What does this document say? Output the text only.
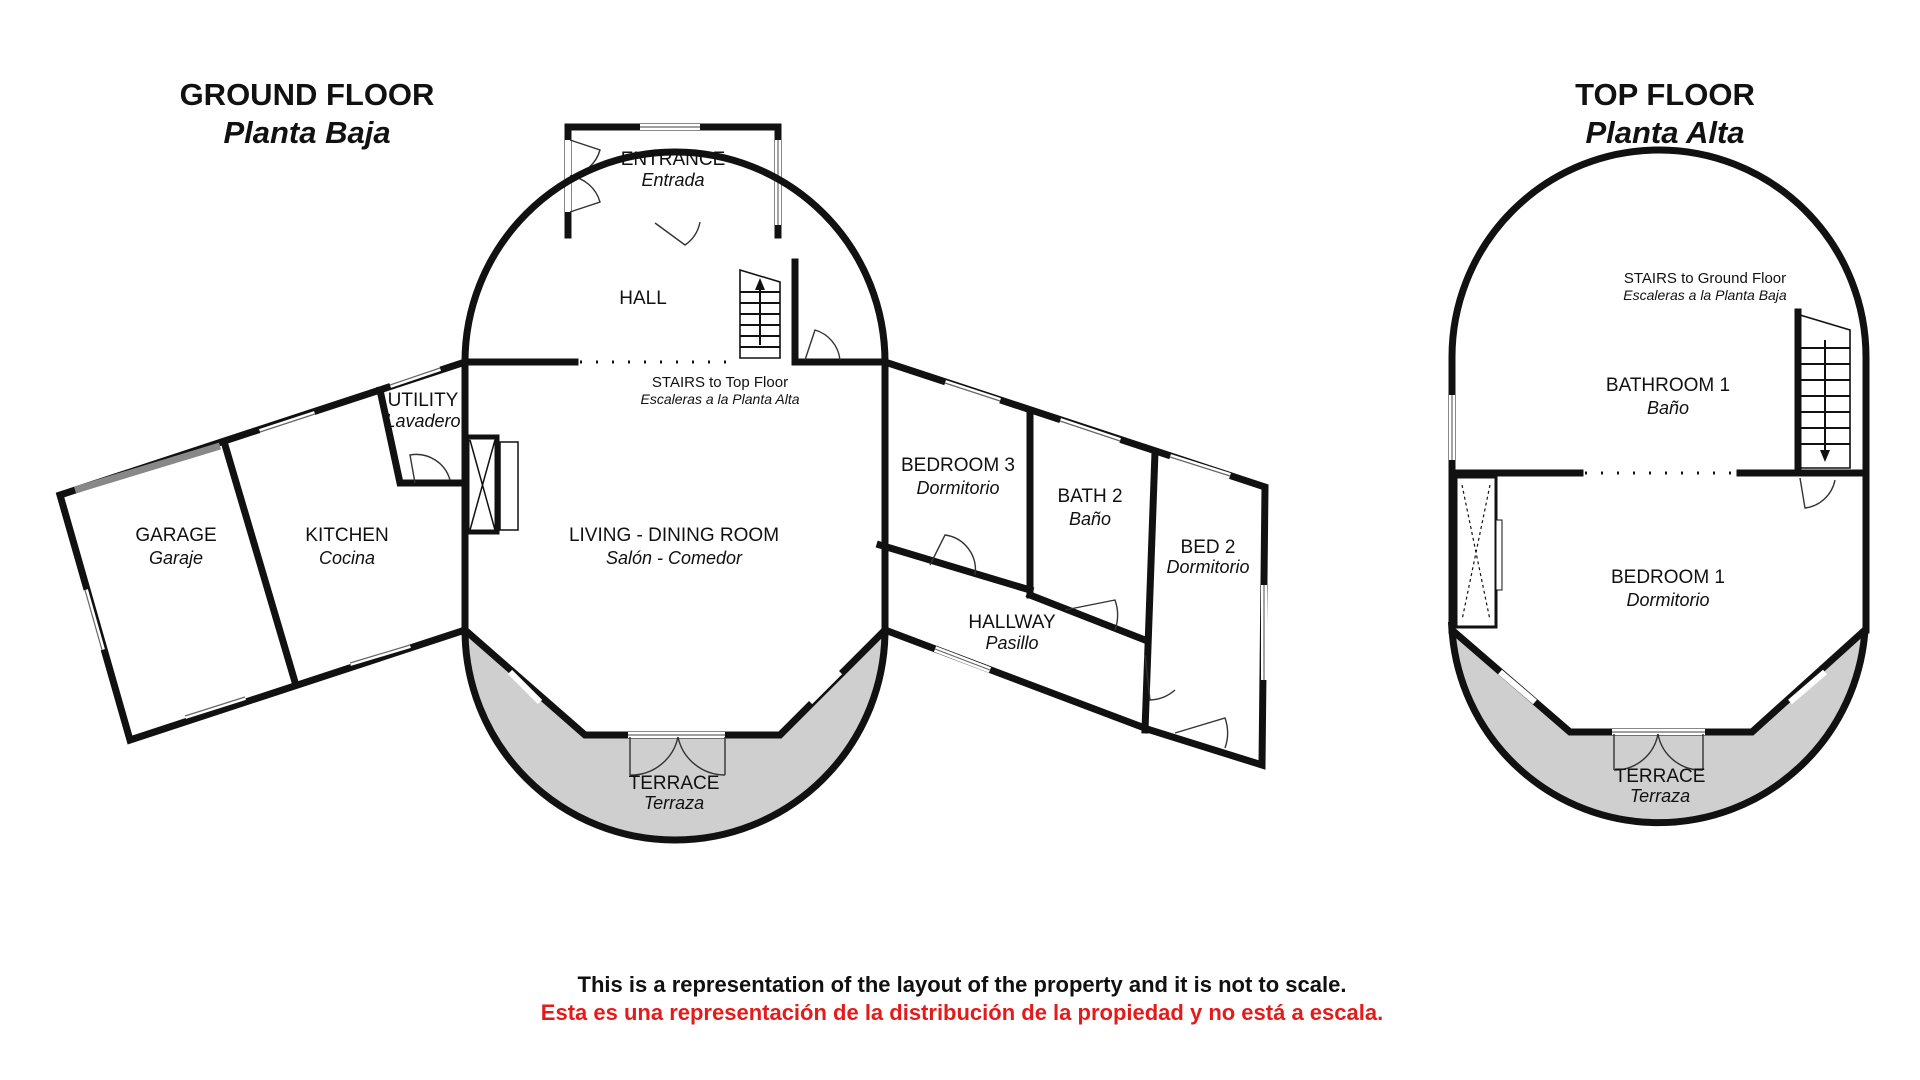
GROUND FLOOR
Planta Baja
TOP FLOOR
Planta Alta
ENTRANCE
Entrada
HALL
STAIRS to Top Floor
Escaleras a la Planta Alta
UTILITY
Lavadero
GARAGE
Garaje
KITCHEN
Cocina
LIVING - DINING ROOM
Salón - Comedor
BEDROOM 3
Dormitorio	BATH 2
Baño
BED 2
Dormitorio
HALLWAY
Pasillo
TERRACE
Terraza
STAIRS to Ground Floor
Escaleras a la Planta Baja
BATHROOM 1
Baño
BEDROOM 1
Dormitorio
TERRACE
Terraza
This is a representation of the layout of the property and it is not to scale.
Esta es una representación de la distribución de la propiedad y no está a escala.
